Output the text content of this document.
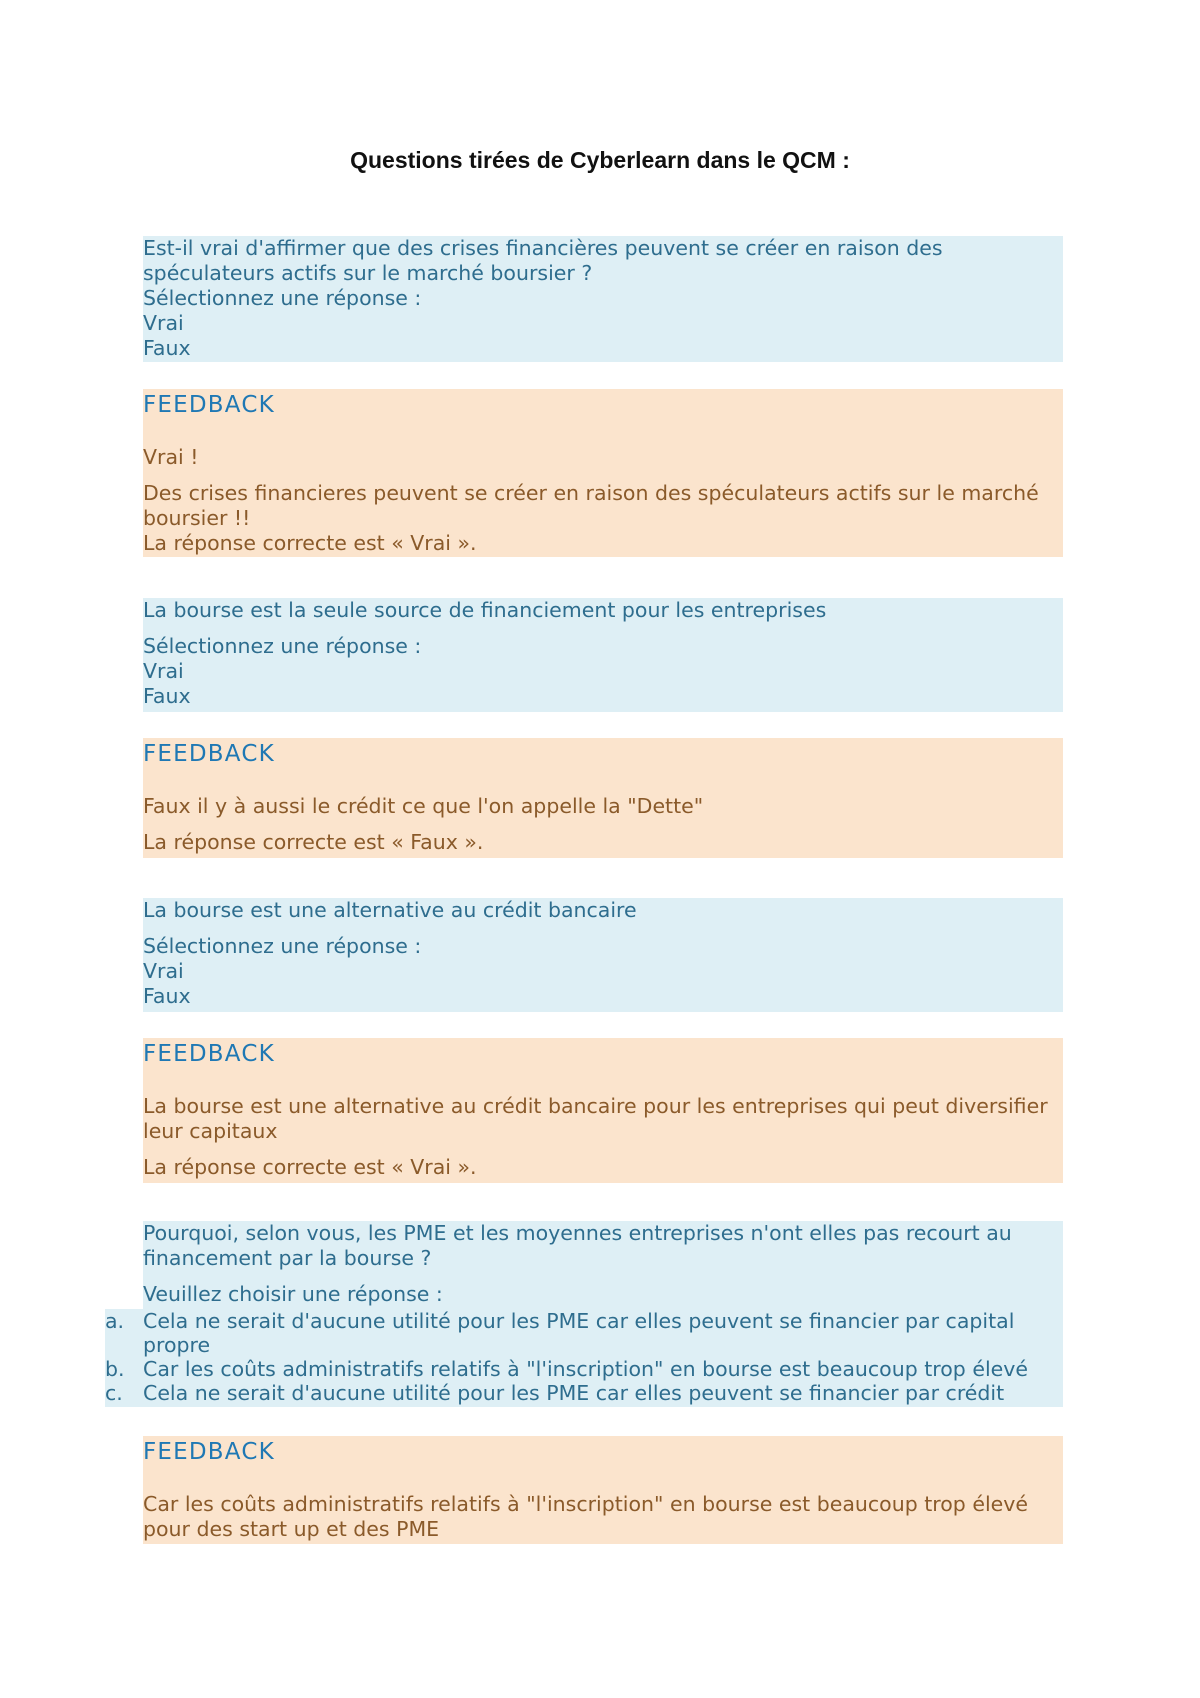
Questions tirées de Cyberlearn dans le QCM :
Est-il vrai d'affirmer que des crises financières peuvent se créer en raison des spéculateurs actifs sur le marché boursier ?
Sélectionnez une réponse :
Vrai
Faux
FEEDBACK
Vrai !
Des crises financieres peuvent se créer en raison des spéculateurs actifs sur le marché boursier !!
La réponse correcte est « Vrai ».
La bourse est la seule source de financiement pour les entreprises
Sélectionnez une réponse :
Vrai
Faux
FEEDBACK
Faux il y à aussi le crédit ce que l'on appelle la "Dette"
La réponse correcte est « Faux ».
La bourse est une alternative au crédit bancaire
Sélectionnez une réponse :
Vrai
Faux
FEEDBACK
La bourse est une alternative au crédit bancaire pour les entreprises qui peut diversifier leur capitaux
La réponse correcte est « Vrai ».
Pourquoi, selon vous, les PME et les moyennes entreprises n'ont elles pas recourt au financement par la bourse ?
Veuillez choisir une réponse :
a. Cela ne serait d'aucune utilité pour les PME car elles peuvent se financier par capital propre
b. Car les coûts administratifs relatifs à "l'inscription" en bourse est beaucoup trop élevé
c. Cela ne serait d'aucune utilité pour les PME car elles peuvent se financier par crédit
FEEDBACK
Car les coûts administratifs relatifs à "l'inscription" en bourse est beaucoup trop élevé pour des start up et des PME
